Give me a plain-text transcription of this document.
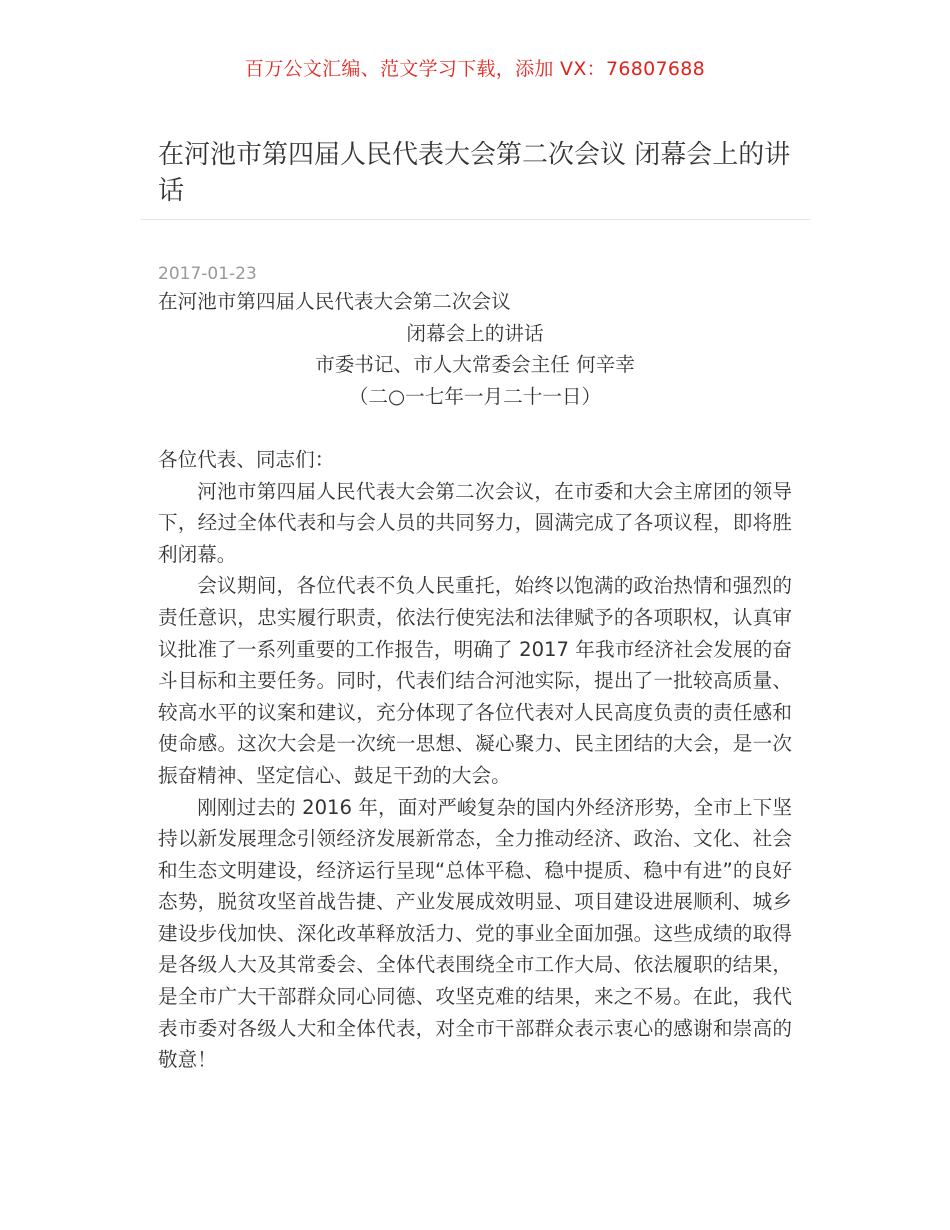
百万公文汇编、范文学习下载，添加 VX：76807688
在河池市第四届人民代表大会第二次会议 闭幕会上的讲话
2017-01-23

在河池市第四届人民代表大会第二次会议

闭幕会上的讲话

市委书记、市人大常委会主任 何辛幸

（二○一七年一月二十一日）

各位代表、同志们：

河池市第四届人民代表大会第二次会议，在市委和大会主席团的领导下，经过全体代表和与会人员的共同努力，圆满完成了各项议程，即将胜利闭幕。

会议期间，各位代表不负人民重托，始终以饱满的政治热情和强烈的责任意识，忠实履行职责，依法行使宪法和法律赋予的各项职权，认真审议批准了一系列重要的工作报告，明确了 2017 年我市经济社会发展的奋斗目标和主要任务。同时，代表们结合河池实际，提出了一批较高质量、较高水平的议案和建议，充分体现了各位代表对人民高度负责的责任感和使命感。这次大会是一次统一思想、凝心聚力、民主团结的大会，是一次振奋精神、坚定信心、鼓足干劲的大会。

刚刚过去的 2016 年，面对严峻复杂的国内外经济形势，全市上下坚持以新发展理念引领经济发展新常态，全力推动经济、政治、文化、社会和生态文明建设，经济运行呈现“总体平稳、稳中提质、稳中有进”的良好态势，脱贫攻坚首战告捷、产业发展成效明显、项目建设进展顺利、城乡建设步伐加快、深化改革释放活力、党的事业全面加强。这些成绩的取得是各级人大及其常委会、全体代表围绕全市工作大局、依法履职的结果，是全市广大干部群众同心同德、攻坚克难的结果，来之不易。在此，我代表市委对各级人大和全体代表，对全市干部群众表示衷心的感谢和崇高的敬意！
